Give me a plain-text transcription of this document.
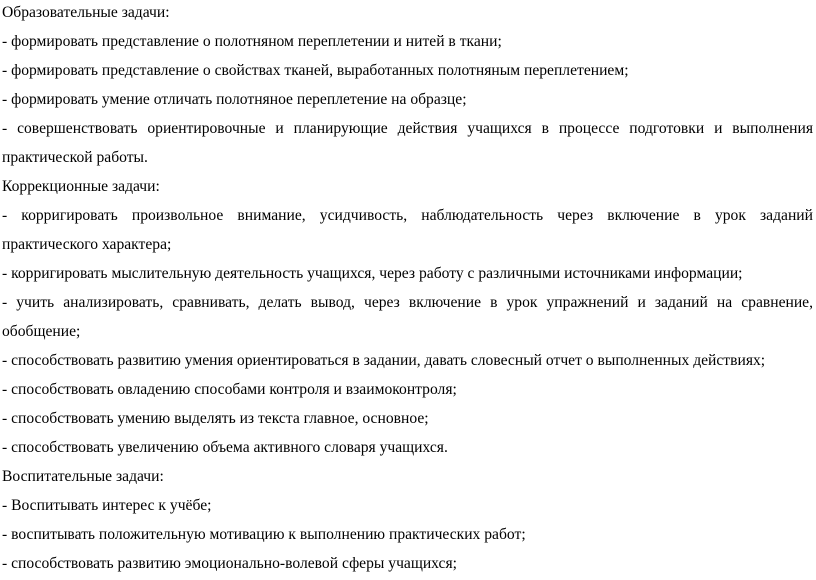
Образовательные задачи:
- формировать представление о полотняном переплетении и нитей в ткани;
- формировать представление о свойствах тканей, выработанных полотняным переплетением;
- формировать умение отличать полотняное переплетение на образце;
- совершенствовать ориентировочные и планирующие действия учащихся в процессе подготовки и выполнения
практической работы.
Коррекционные задачи:
- корригировать произвольное внимание, усидчивость, наблюдательность через включение в урок заданий
практического характера;
- корригировать мыслительную деятельность учащихся, через работу с различными источниками информации;
- учить анализировать, сравнивать, делать вывод, через включение в урок упражнений и заданий на сравнение,
обобщение;
- способствовать развитию умения ориентироваться в задании, давать словесный отчет о выполненных действиях;
- способствовать овладению способами контроля и взаимоконтроля;
- способствовать умению выделять из текста главное, основное;
- способствовать увеличению объема активного словаря учащихся.
Воспитательные задачи:
- Воспитывать интерес к учёбе;
- воспитывать положительную мотивацию к выполнению практических работ;
- способствовать развитию эмоционально-волевой сферы учащихся;
